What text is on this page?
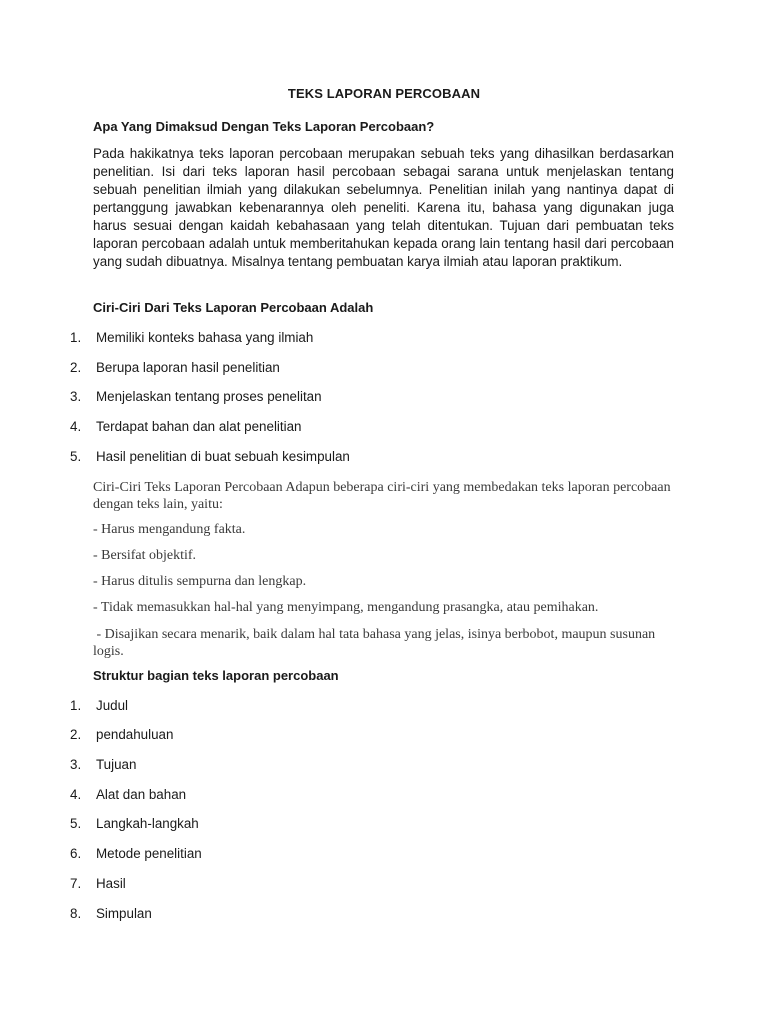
TEKS LAPORAN PERCOBAAN
Apa Yang Dimaksud Dengan Teks Laporan Percobaan?
Pada hakikatnya teks laporan percobaan merupakan sebuah teks yang dihasilkan berdasarkan penelitian. Isi dari teks laporan hasil percobaan sebagai sarana untuk menjelaskan tentang sebuah penelitian ilmiah yang dilakukan sebelumnya. Penelitian inilah yang nantinya dapat di pertanggung jawabkan kebenarannya oleh peneliti. Karena itu, bahasa yang digunakan juga harus sesuai dengan kaidah kebahasaan yang telah ditentukan. Tujuan dari pembuatan teks laporan percobaan adalah untuk memberitahukan kepada orang lain tentang hasil dari percobaan yang sudah dibuatnya. Misalnya tentang pembuatan karya ilmiah atau laporan praktikum.
Ciri-Ciri Dari Teks Laporan Percobaan Adalah
1.	Memiliki konteks bahasa yang ilmiah
2.	Berupa laporan hasil penelitian
3.	Menjelaskan tentang proses penelitan
4.	Terdapat bahan dan alat penelitian
5.	Hasil penelitian di buat sebuah kesimpulan
Ciri-Ciri Teks Laporan Percobaan Adapun beberapa ciri-ciri yang membedakan teks laporan percobaan dengan teks lain, yaitu:
- Harus mengandung fakta.
- Bersifat objektif.
- Harus ditulis sempurna dan lengkap.
- Tidak memasukkan hal-hal yang menyimpang, mengandung prasangka, atau pemihakan.
- Disajikan secara menarik, baik dalam hal tata bahasa yang jelas, isinya berbobot, maupun susunan logis.
Struktur bagian teks laporan percobaan
1.	Judul
2.	pendahuluan
3.	Tujuan
4.	Alat dan bahan
5.	Langkah-langkah
6.	Metode penelitian
7.	Hasil
8.	Simpulan
